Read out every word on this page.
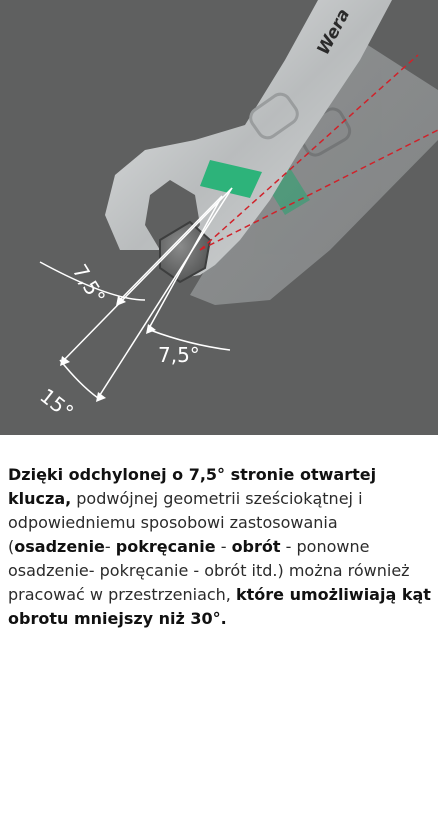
Wera
7,5°
7,5°
15°
Dzięki odchylonej o 7,5° stronie otwartej klucza, podwójnej geometrii sześciokątnej i odpowiedniemu sposobowi zastosowania (osadzenie- pokręcanie - obrót - ponowne osadzenie- pokręcanie - obrót itd.) można również pracować w przestrzeniach, które umożliwiają kąt obrotu mniejszy niż 30°.
